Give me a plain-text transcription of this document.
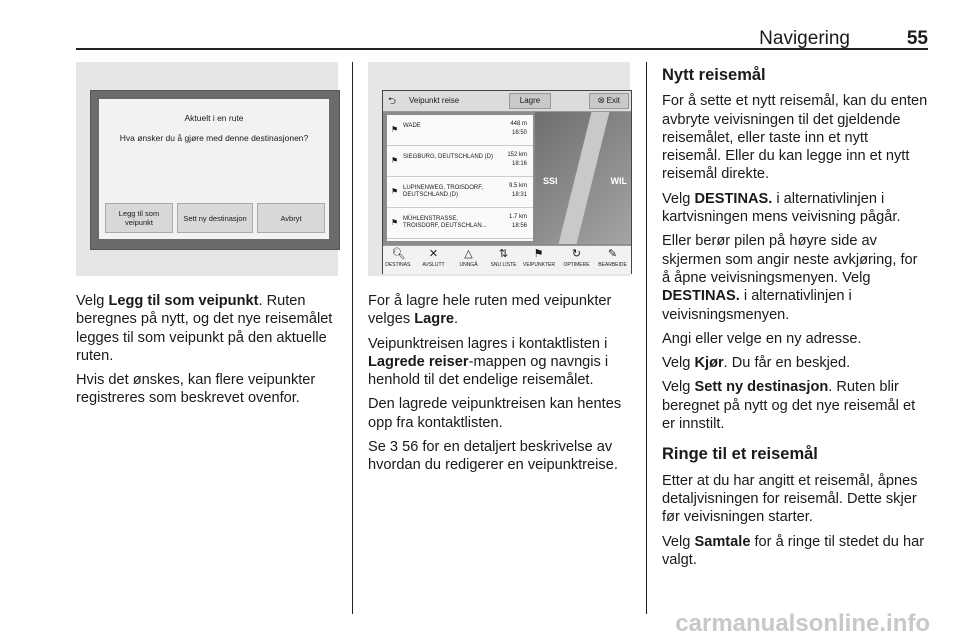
Navigering	55
Aktuelt i en rute
Hva ønsker du å gjøre med denne destinasjonen?
Legg til som veipunkt	Sett ny destinasjon	Avbryt
⮌ Veipunkt reise	Lagre	⭙ Exit
SSI	WIL
⚑ WADE	448 m
16:50
⚑ SIEGBURG, DEUTSCHLAND (D)	152 km
18:16
⚑ LUPINENWEG, TROISDORF, DEUTSCHLAND (D)
9.5 km
18:31
⚑ MÜHLENSTRASSE, TROISDORF, DEUTSCHLAN...
1.7 km
18:56
🔍︎
DESTINAS.
✕
AVSLUTT
△
UNNGÅ
⇅
SNU LISTE
⚑
VEIPUNKTER
↻
OPTIMERE
✎
BEARBEIDE

Velg Legg til som veipunkt. Ruten beregnes på nytt, og det nye reisemålet legges til som veipunkt på den aktuelle ruten.

Hvis det ønskes, kan flere veipunkter registreres som beskrevet ovenfor.

For å lagre hele ruten med veipunkter velges Lagre.

Veipunktreisen lagres i kontaktlisten i Lagrede reiser-mappen og navngis i henhold til det endelige reisemålet.

Den lagrede veipunktreisen kan hentes opp fra kontaktlisten.

Se 3 56 for en detaljert beskrivelse av hvordan du redigerer en veipunktreise.

Nytt reisemål

For å sette et nytt reisemål, kan du enten avbryte veivisningen til det gjeldende reisemålet, eller taste inn et nytt reisemål. Eller du kan legge inn et nytt reisemål direkte.

Velg DESTINAS. i alternativlinjen i kartvisningen mens veivisning pågår.

Eller berør pilen på høyre side av skjermen som angir neste avkjøring, for å åpne veivisningsmenyen. Velg DESTINAS. i alternativlinjen i veivisningsmenyen.

Angi eller velge en ny adresse.

Velg Kjør. Du får en beskjed.

Velg Sett ny destinasjon. Ruten blir beregnet på nytt og det nye reisemål et er innstilt.

Ringe til et reisemål

Etter at du har angitt et reisemål, åpnes detaljvisningen for reisemål. Dette skjer før veivisningen starter.

Velg Samtale for å ringe til stedet du har valgt.

carmanualsonline.info
